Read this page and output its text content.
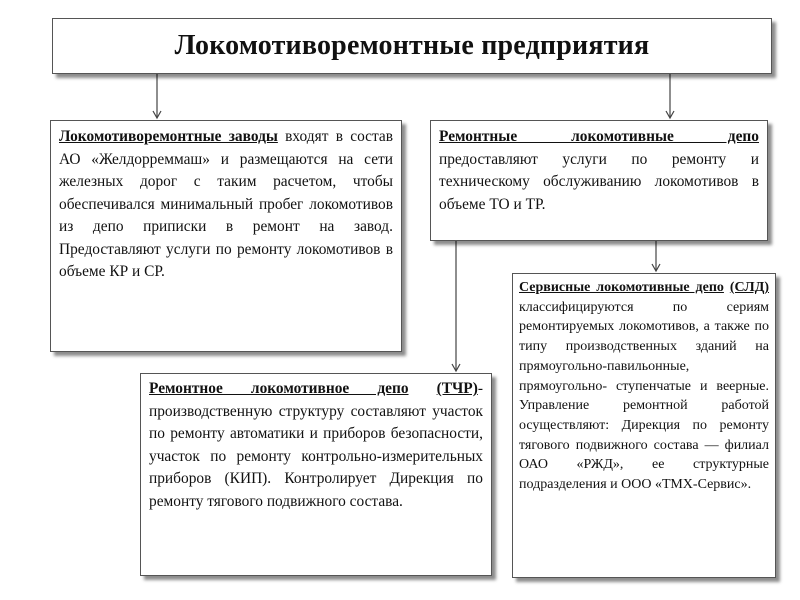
Локомотиворемонтные предприятия
Локомотиворемонтные заводы входят в состав АО «Желдорреммаш» и размещаются на сети железных дорог с таким расчетом, чтобы обеспечивался минимальный пробег локомотивов из депо приписки в ремонт на завод. Предоставляют услуги по ремонту локомотивов в объеме КР и СР.
Ремонтные локомотивные депо предоставляют услуги по ремонту и техническому обслуживанию локомотивов в объеме ТО и ТР.
Сервисные локомотивные депо (СЛД) классифицируются по сериям ремонтируемых локомотивов, а также по типу производственных зданий на прямоугольно-павильонные, прямоугольно- ступенчатые и веерные. Управление ремонтной работой осуществляют: Дирекция по ремонту тягового подвижного состава — филиал ОАО «РЖД», ее структурные подразделения и ООО «ТМХ-Сервис».
Ремонтное локомотивное депо (ТЧР)-производственную структуру составляют участок по ремонту автоматики и приборов безопасности, участок по ремонту контрольно-измерительных приборов (КИП). Контролирует Дирекция по ремонту тягового подвижного состава.
